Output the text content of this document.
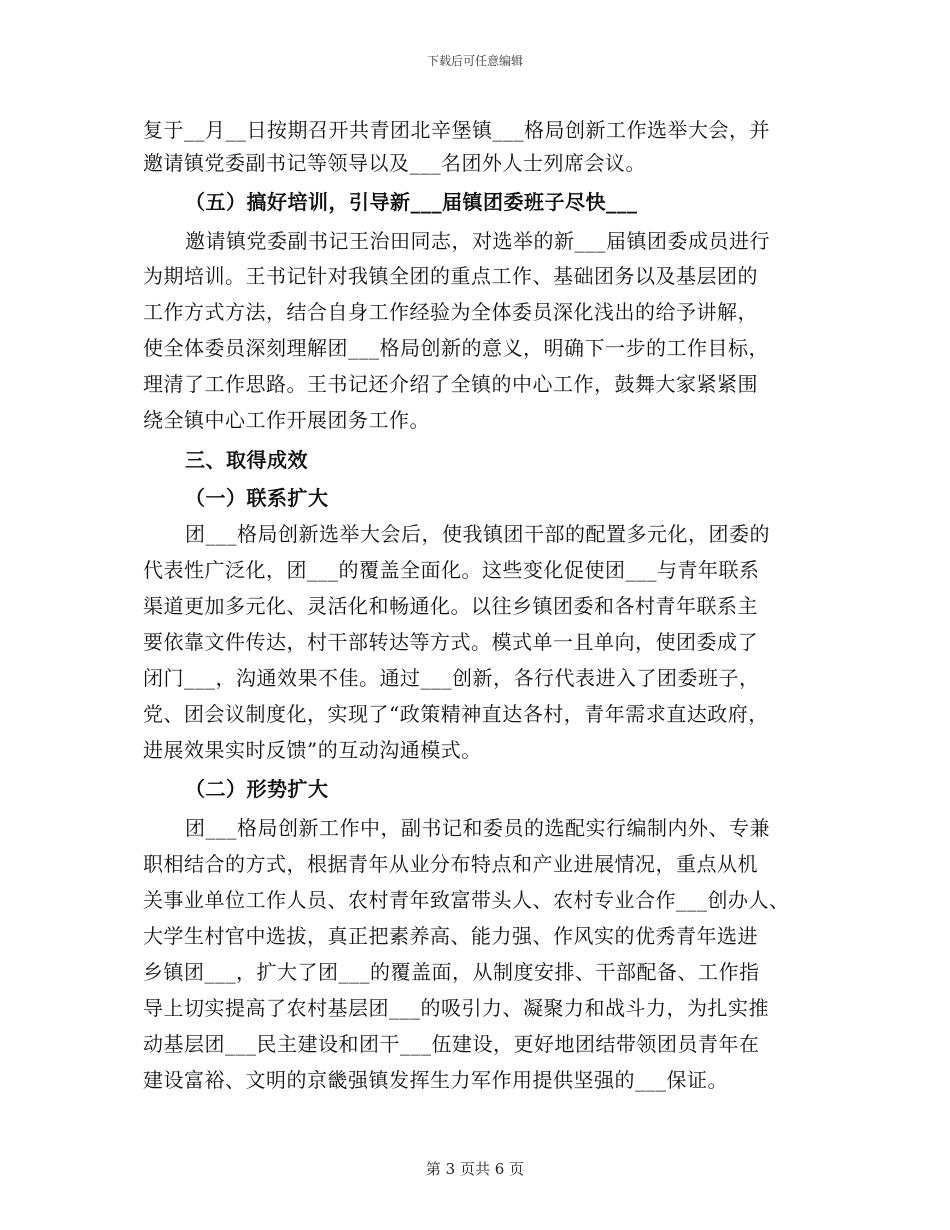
下载后可任意编辑
复于__月__日按期召开共青团北辛堡镇___格局创新工作选举大会，并
邀请镇党委副书记等领导以及___名团外人士列席会议。
（五）搞好培训，引导新___届镇团委班子尽快___
邀请镇党委副书记王治田同志，对选举的新___届镇团委成员进行
为期培训。王书记针对我镇全团的重点工作、基础团务以及基层团的
工作方式方法，结合自身工作经验为全体委员深化浅出的给予讲解，
使全体委员深刻理解团___格局创新的意义，明确下一步的工作目标，
理清了工作思路。王书记还介绍了全镇的中心工作，鼓舞大家紧紧围
绕全镇中心工作开展团务工作。
三、取得成效
（一）联系扩大
团___格局创新选举大会后，使我镇团干部的配置多元化，团委的
代表性广泛化，团___的覆盖全面化。这些变化促使团___与青年联系
渠道更加多元化、灵活化和畅通化。以往乡镇团委和各村青年联系主
要依靠文件传达，村干部转达等方式。模式单一且单向，使团委成了
闭门___，沟通效果不佳。通过___创新，各行代表进入了团委班子，
党、团会议制度化，实现了“政策精神直达各村，青年需求直达政府，
进展效果实时反馈”的互动沟通模式。
（二）形势扩大
团___格局创新工作中，副书记和委员的选配实行编制内外、专兼
职相结合的方式，根据青年从业分布特点和产业进展情况，重点从机
关事业单位工作人员、农村青年致富带头人、农村专业合作___创办人、
大学生村官中选拔，真正把素养高、能力强、作风实的优秀青年选进
乡镇团___，扩大了团___的覆盖面，从制度安排、干部配备、工作指
导上切实提高了农村基层团___的吸引力、凝聚力和战斗力，为扎实推
动基层团___民主建设和团干___伍建设，更好地团结带领团员青年在
建设富裕、文明的京畿强镇发挥生力军作用提供坚强的___保证。
第 3 页共 6 页
